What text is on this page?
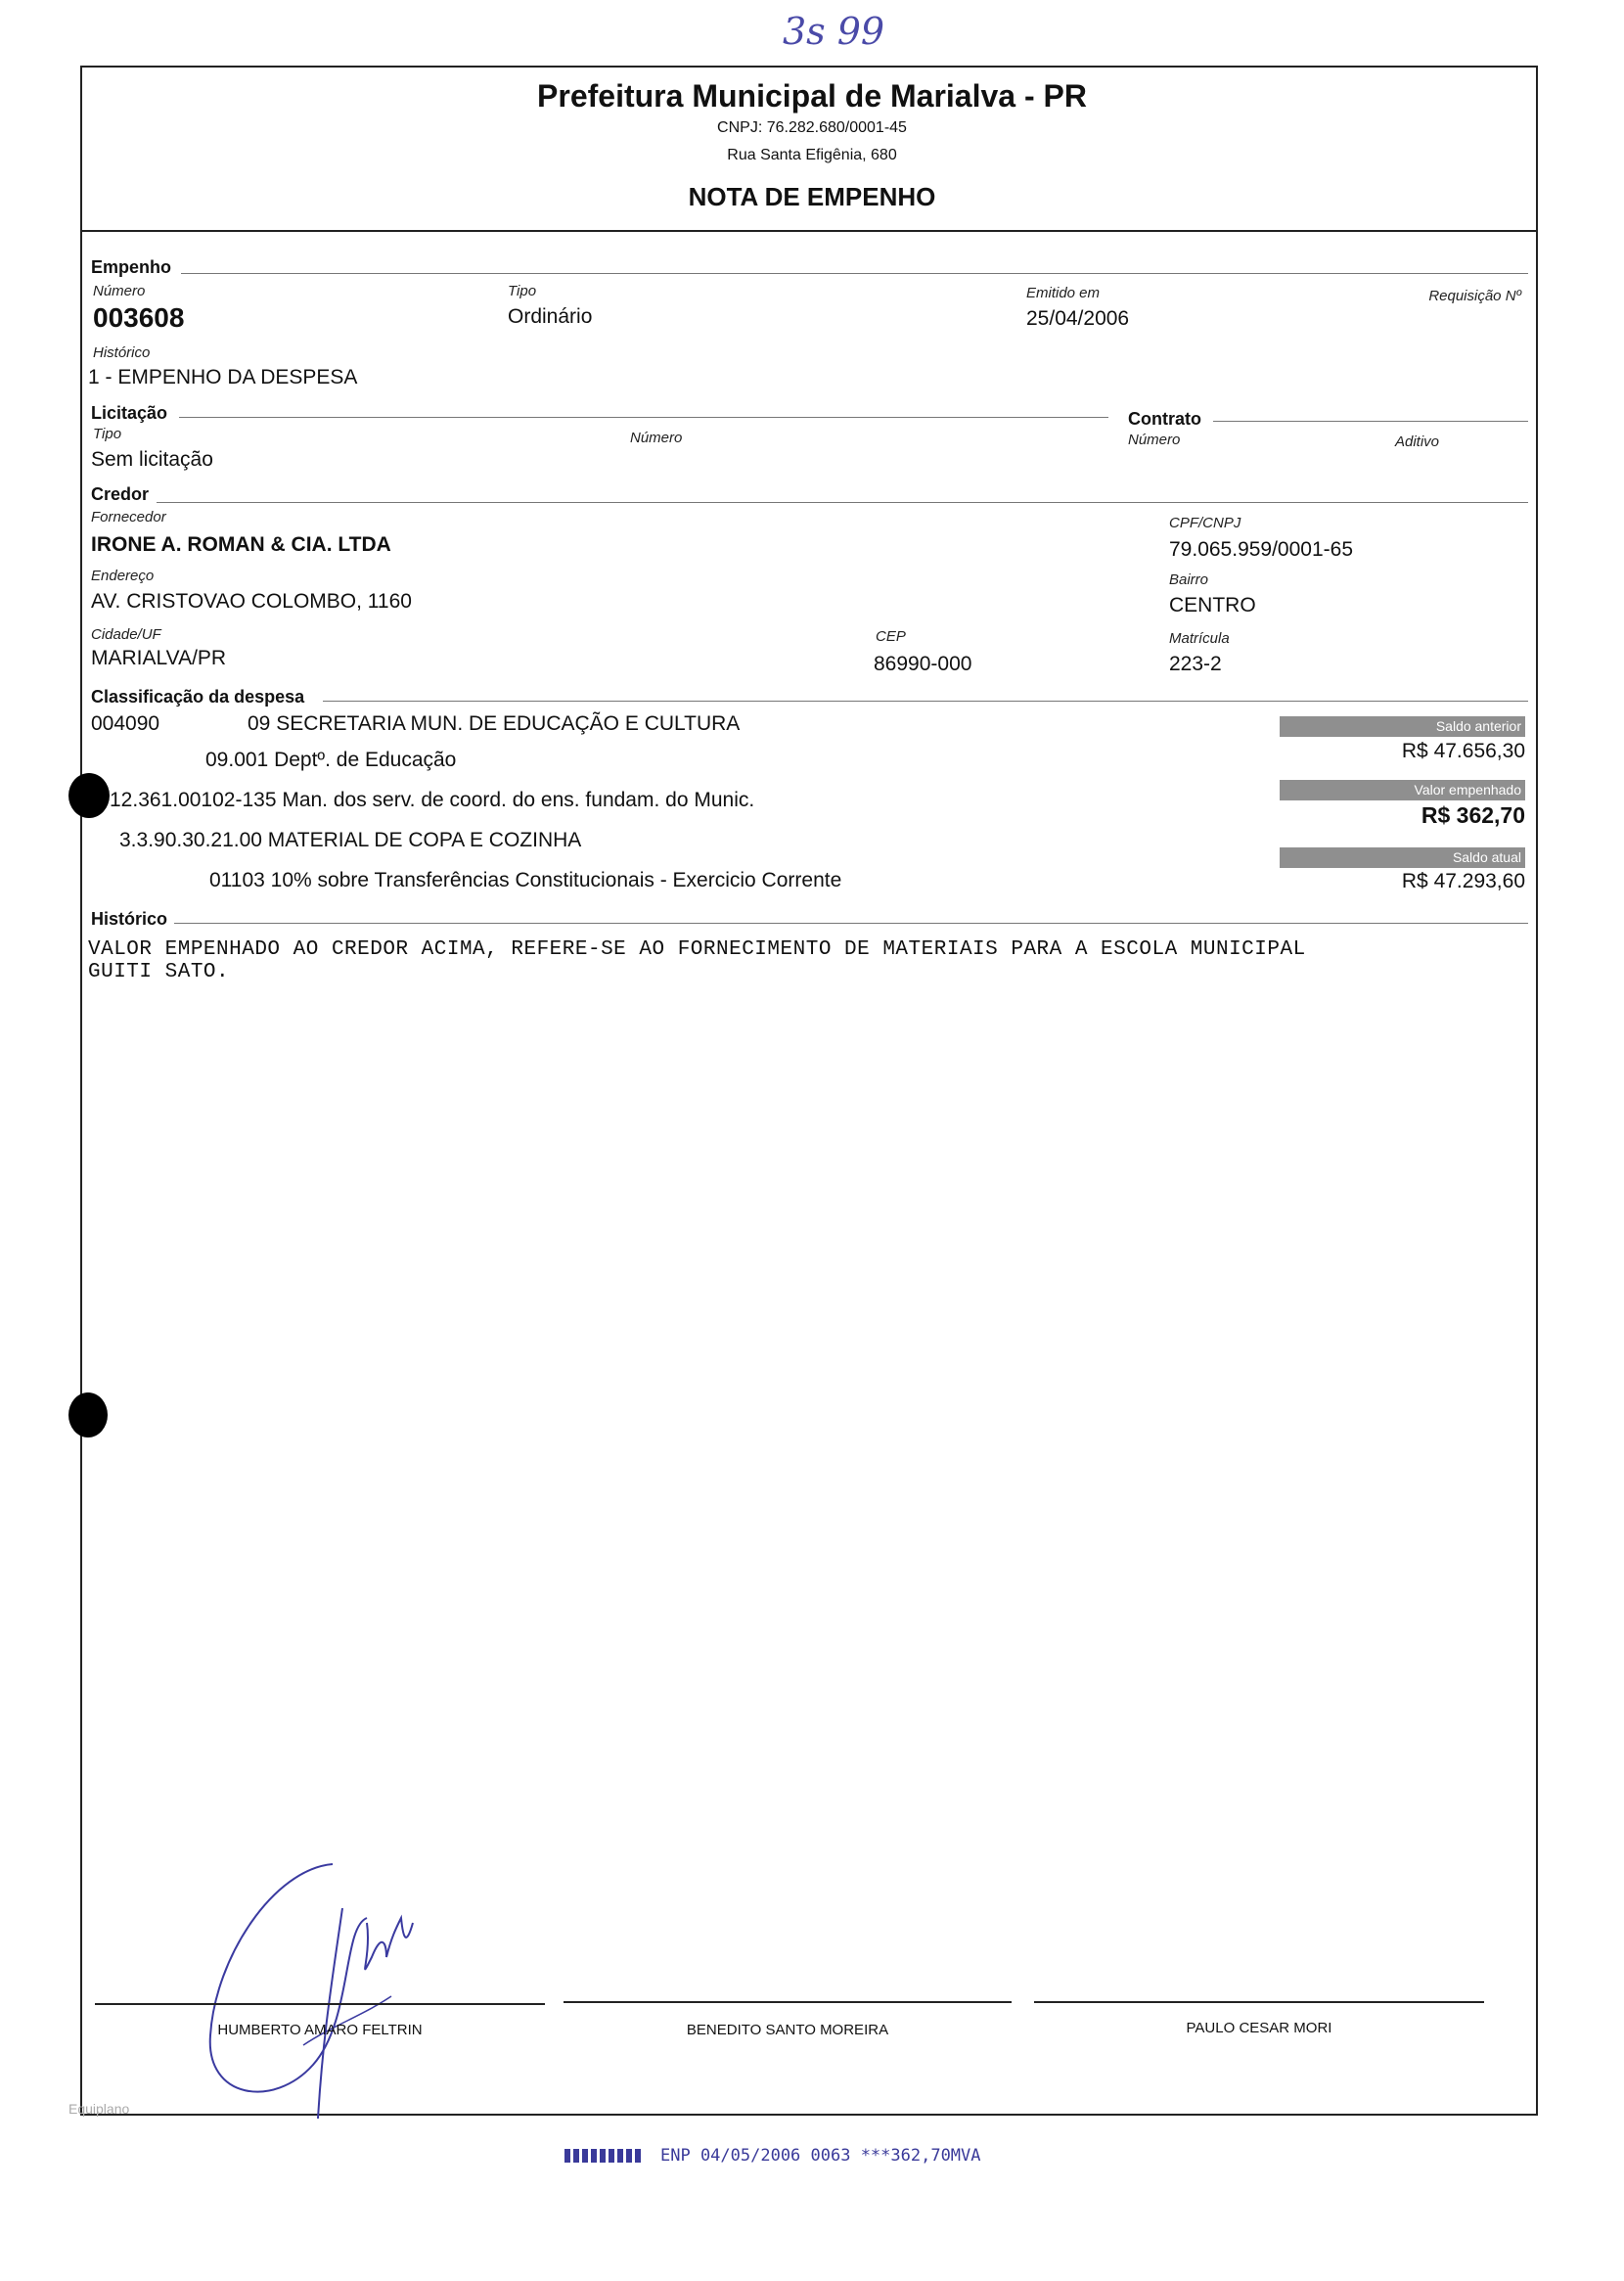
3s 99
Prefeitura Municipal de Marialva - PR
CNPJ: 76.282.680/0001-45
Rua Santa Efigênia, 680
NOTA DE EMPENHO
Empenho
Número
003608
Tipo
Ordinário
Emitido em
25/04/2006
Requisição Nº
Histórico
1 - EMPENHO DA DESPESA
Licitação	Contrato
Tipo
Sem licitação
Número	Número	Aditivo
Credor
Fornecedor
IRONE A. ROMAN & CIA. LTDA
CPF/CNPJ
79.065.959/0001-65
Endereço
AV. CRISTOVAO COLOMBO, 1160
Bairro
CENTRO
Cidade/UF
MARIALVA/PR
CEP
86990-000
Matrícula
223-2
Classificação da despesa
004090	09 SECRETARIA MUN. DE EDUCAÇÃO E CULTURA
09.001 Deptº. de Educação
12.361.00102-135 Man. dos serv. de coord. do ens. fundam. do Munic.
3.3.90.30.21.00 MATERIAL DE COPA E COZINHA
01103 10% sobre Transferências Constitucionais - Exercicio Corrente
Saldo anterior
R$ 47.656,30
Valor empenhado
R$ 362,70
Saldo atual
R$ 47.293,60
Histórico
VALOR EMPENHADO AO CREDOR ACIMA, REFERE-SE AO FORNECIMENTO DE MATERIAIS PARA A ESCOLA MUNICIPAL
GUITI SATO.
HUMBERTO AMARO FELTRIN	BENEDITO SANTO MOREIRA	PAULO CESAR MORI
Equiplano
ENP 04/05/2006 0063 ***362,70MVA
